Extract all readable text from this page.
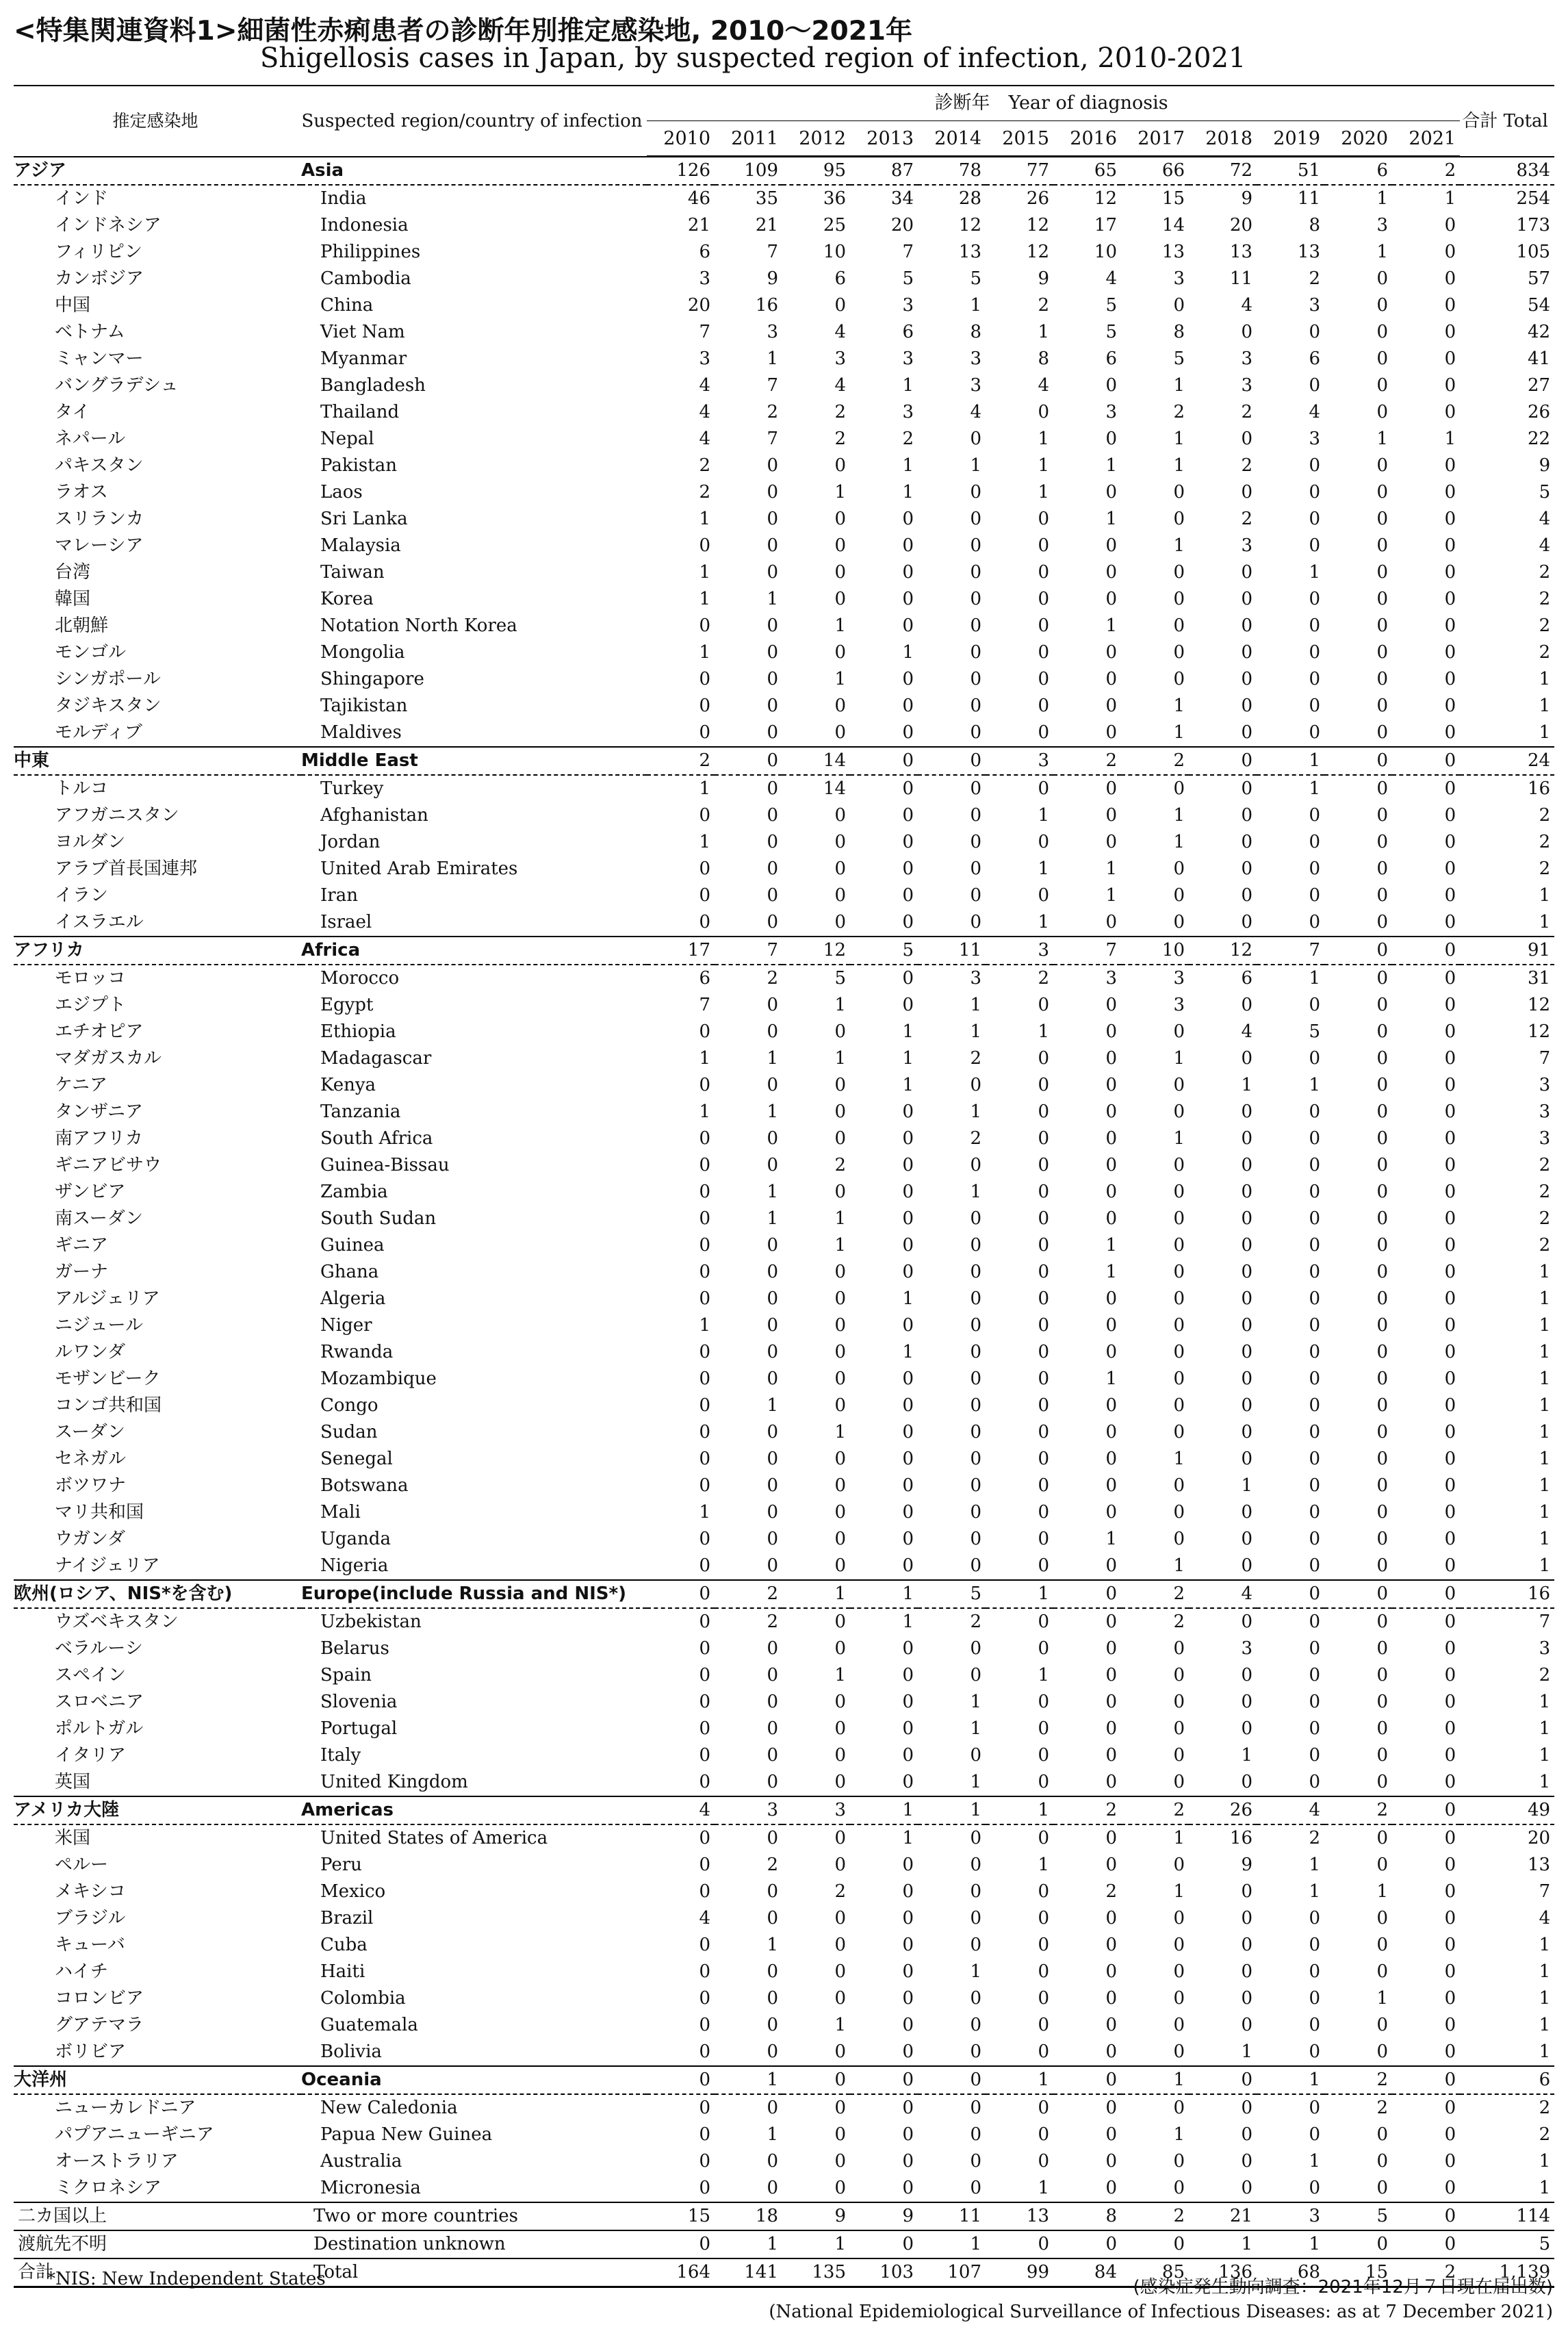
<特集関連資料1>細菌性赤痢患者の診断年別推定感染地, 2010〜2021年
Shigellosis cases in Japan, by suspected region of infection, 2010-2021
推定感染地	Suspected region/country of infection	診断年　Year of diagnosis												合計 Total
		2010	2011	2012	2013	2014	2015	2016	2017	2018	2019	2020	2021	
アジア	Asia	126	109	95	87	78	77	65	66	72	51	6	2	834
インド	India	46	35	36	34	28	26	12	15	9	11	1	1	254
インドネシア	Indonesia	21	21	25	20	12	12	17	14	20	8	3	0	173
フィリピン	Philippines	6	7	10	7	13	12	10	13	13	13	1	0	105
カンボジア	Cambodia	3	9	6	5	5	9	4	3	11	2	0	0	57
中国	China	20	16	0	3	1	2	5	0	4	3	0	0	54
ベトナム	Viet Nam	7	3	4	6	8	1	5	8	0	0	0	0	42
ミャンマー	Myanmar	3	1	3	3	3	8	6	5	3	6	0	0	41
バングラデシュ	Bangladesh	4	7	4	1	3	4	0	1	3	0	0	0	27
タイ	Thailand	4	2	2	3	4	0	3	2	2	4	0	0	26
ネパール	Nepal	4	7	2	2	0	1	0	1	0	3	1	1	22
パキスタン	Pakistan	2	0	0	1	1	1	1	1	2	0	0	0	9
ラオス	Laos	2	0	1	1	0	1	0	0	0	0	0	0	5
スリランカ	Sri Lanka	1	0	0	0	0	0	1	0	2	0	0	0	4
マレーシア	Malaysia	0	0	0	0	0	0	0	1	3	0	0	0	4
台湾	Taiwan	1	0	0	0	0	0	0	0	0	1	0	0	2
韓国	Korea	1	1	0	0	0	0	0	0	0	0	0	0	2
北朝鮮	Notation North Korea	0	0	1	0	0	0	1	0	0	0	0	0	2
モンゴル	Mongolia	1	0	0	1	0	0	0	0	0	0	0	0	2
シンガポール	Shingapore	0	0	1	0	0	0	0	0	0	0	0	0	1
タジキスタン	Tajikistan	0	0	0	0	0	0	0	1	0	0	0	0	1
モルディブ	Maldives	0	0	0	0	0	0	0	1	0	0	0	0	1
中東	Middle East	2	0	14	0	0	3	2	2	0	1	0	0	24
トルコ	Turkey	1	0	14	0	0	0	0	0	0	1	0	0	16
アフガニスタン	Afghanistan	0	0	0	0	0	1	0	1	0	0	0	0	2
ヨルダン	Jordan	1	0	0	0	0	0	0	1	0	0	0	0	2
アラブ首長国連邦	United Arab Emirates	0	0	0	0	0	1	1	0	0	0	0	0	2
イラン	Iran	0	0	0	0	0	0	1	0	0	0	0	0	1
イスラエル	Israel	0	0	0	0	0	1	0	0	0	0	0	0	1
アフリカ	Africa	17	7	12	5	11	3	7	10	12	7	0	0	91
モロッコ	Morocco	6	2	5	0	3	2	3	3	6	1	0	0	31
エジプト	Egypt	7	0	1	0	1	0	0	3	0	0	0	0	12
エチオピア	Ethiopia	0	0	0	1	1	1	0	0	4	5	0	0	12
マダガスカル	Madagascar	1	1	1	1	2	0	0	1	0	0	0	0	7
ケニア	Kenya	0	0	0	1	0	0	0	0	1	1	0	0	3
タンザニア	Tanzania	1	1	0	0	1	0	0	0	0	0	0	0	3
南アフリカ	South Africa	0	0	0	0	2	0	0	1	0	0	0	0	3
ギニアビサウ	Guinea-Bissau	0	0	2	0	0	0	0	0	0	0	0	0	2
ザンビア	Zambia	0	1	0	0	1	0	0	0	0	0	0	0	2
南スーダン	South Sudan	0	1	1	0	0	0	0	0	0	0	0	0	2
ギニア	Guinea	0	0	1	0	0	0	1	0	0	0	0	0	2
ガーナ	Ghana	0	0	0	0	0	0	1	0	0	0	0	0	1
アルジェリア	Algeria	0	0	0	1	0	0	0	0	0	0	0	0	1
ニジュール	Niger	1	0	0	0	0	0	0	0	0	0	0	0	1
ルワンダ	Rwanda	0	0	0	1	0	0	0	0	0	0	0	0	1
モザンビーク	Mozambique	0	0	0	0	0	0	1	0	0	0	0	0	1
コンゴ共和国	Congo	0	1	0	0	0	0	0	0	0	0	0	0	1
スーダン	Sudan	0	0	1	0	0	0	0	0	0	0	0	0	1
セネガル	Senegal	0	0	0	0	0	0	0	1	0	0	0	0	1
ボツワナ	Botswana	0	0	0	0	0	0	0	0	1	0	0	0	1
マリ共和国	Mali	1	0	0	0	0	0	0	0	0	0	0	0	1
ウガンダ	Uganda	0	0	0	0	0	0	1	0	0	0	0	0	1
ナイジェリア	Nigeria	0	0	0	0	0	0	0	1	0	0	0	0	1
欧州(ロシア、NIS*を含む)	Europe(include Russia and NIS*)	0	2	1	1	5	1	0	2	4	0	0	0	16
ウズベキスタン	Uzbekistan	0	2	0	1	2	0	0	2	0	0	0	0	7
ベラルーシ	Belarus	0	0	0	0	0	0	0	0	3	0	0	0	3
スペイン	Spain	0	0	1	0	0	1	0	0	0	0	0	0	2
スロベニア	Slovenia	0	0	0	0	1	0	0	0	0	0	0	0	1
ポルトガル	Portugal	0	0	0	0	1	0	0	0	0	0	0	0	1
イタリア	Italy	0	0	0	0	0	0	0	0	1	0	0	0	1
英国	United Kingdom	0	0	0	0	1	0	0	0	0	0	0	0	1
アメリカ大陸	Americas	4	3	3	1	1	1	2	2	26	4	2	0	49
米国	United States of America	0	0	0	1	0	0	0	1	16	2	0	0	20
ペルー	Peru	0	2	0	0	0	1	0	0	9	1	0	0	13
メキシコ	Mexico	0	0	2	0	0	0	2	1	0	1	1	0	7
ブラジル	Brazil	4	0	0	0	0	0	0	0	0	0	0	0	4
キューバ	Cuba	0	1	0	0	0	0	0	0	0	0	0	0	1
ハイチ	Haiti	0	0	0	0	1	0	0	0	0	0	0	0	1
コロンビア	Colombia	0	0	0	0	0	0	0	0	0	0	1	0	1
グアテマラ	Guatemala	0	0	1	0	0	0	0	0	0	0	0	0	1
ボリビア	Bolivia	0	0	0	0	0	0	0	0	1	0	0	0	1
大洋州	Oceania	0	1	0	0	0	1	0	1	0	1	2	0	6
ニューカレドニア	New Caledonia	0	0	0	0	0	0	0	0	0	0	2	0	2
パプアニューギニア	Papua New Guinea	0	1	0	0	0	0	0	1	0	0	0	0	2
オーストラリア	Australia	0	0	0	0	0	0	0	0	0	1	0	0	1
ミクロネシア	Micronesia	0	0	0	0	0	1	0	0	0	0	0	0	1
二カ国以上	Two or more countries	15	18	9	9	11	13	8	2	21	3	5	0	114
渡航先不明	Destination unknown	0	1	1	0	1	0	0	0	1	1	0	0	5
合計	Total	164	141	135	103	107	99	84	85	136	68	15	2	1,139
*NIS: New Independent States	(感染症発生動向調査：2021年12月７日現在届出数)
(National Epidemiological Surveillance of Infectious Diseases: as at 7 December 2021)
